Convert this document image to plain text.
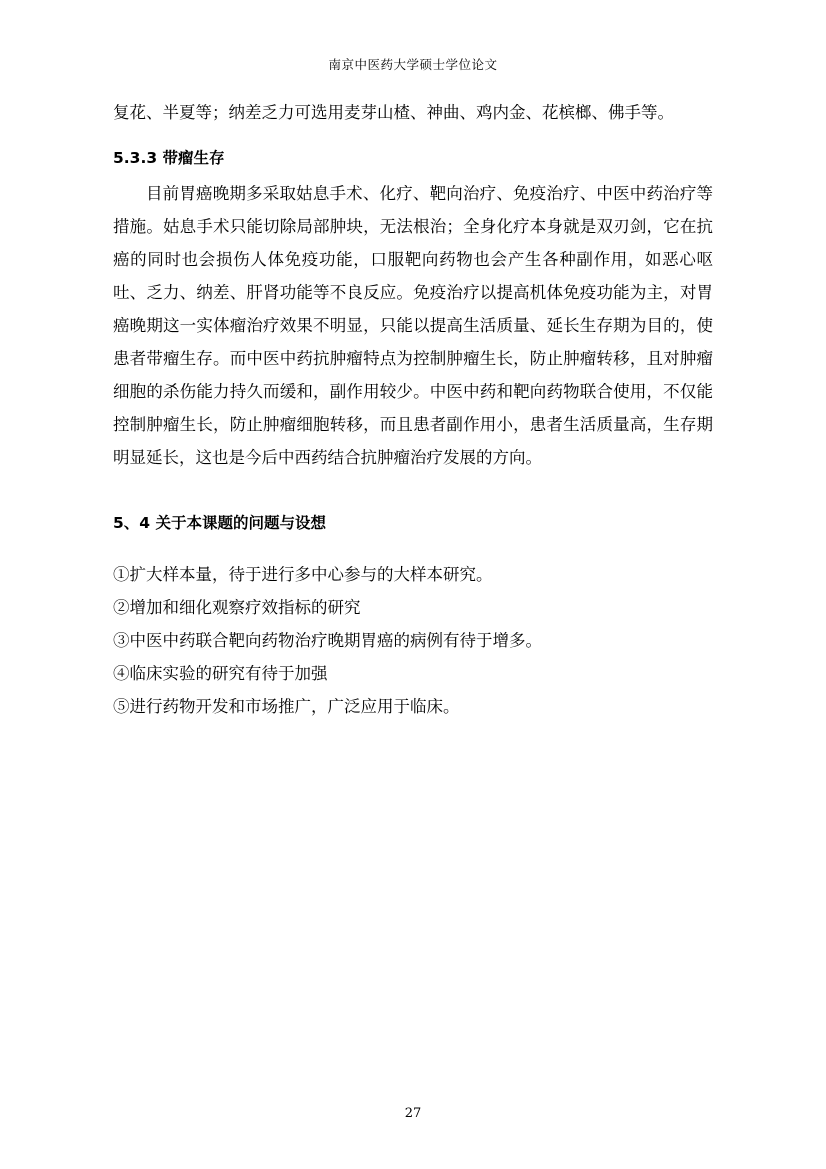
南京中医药大学硕士学位论文

复花、半夏等；纳差乏力可选用麦芽山楂、神曲、鸡内金、花槟榔、佛手等。

5.3.3 带瘤生存

目前胃癌晚期多采取姑息手术、化疗、靶向治疗、免疫治疗、中医中药治疗等措施。姑息手术只能切除局部肿块，无法根治；全身化疗本身就是双刃剑，它在抗癌的同时也会损伤人体免疫功能，口服靶向药物也会产生各种副作用，如恶心呕吐、乏力、纳差、肝肾功能等不良反应。免疫治疗以提高机体免疫功能为主，对胃癌晚期这一实体瘤治疗效果不明显，只能以提高生活质量、延长生存期为目的，使患者带瘤生存。而中医中药抗肿瘤特点为控制肿瘤生长，防止肿瘤转移，且对肿瘤细胞的杀伤能力持久而缓和，副作用较少。中医中药和靶向药物联合使用，不仅能控制肿瘤生长，防止肿瘤细胞转移，而且患者副作用小，患者生活质量高，生存期明显延长，这也是今后中西药结合抗肿瘤治疗发展的方向。

5、4 关于本课题的问题与设想
①扩大样本量，待于进行多中心参与的大样本研究。
②增加和细化观察疗效指标的研究
③中医中药联合靶向药物治疗晚期胃癌的病例有待于增多。
④临床实验的研究有待于加强
⑤进行药物开发和市场推广，广泛应用于临床。
27
